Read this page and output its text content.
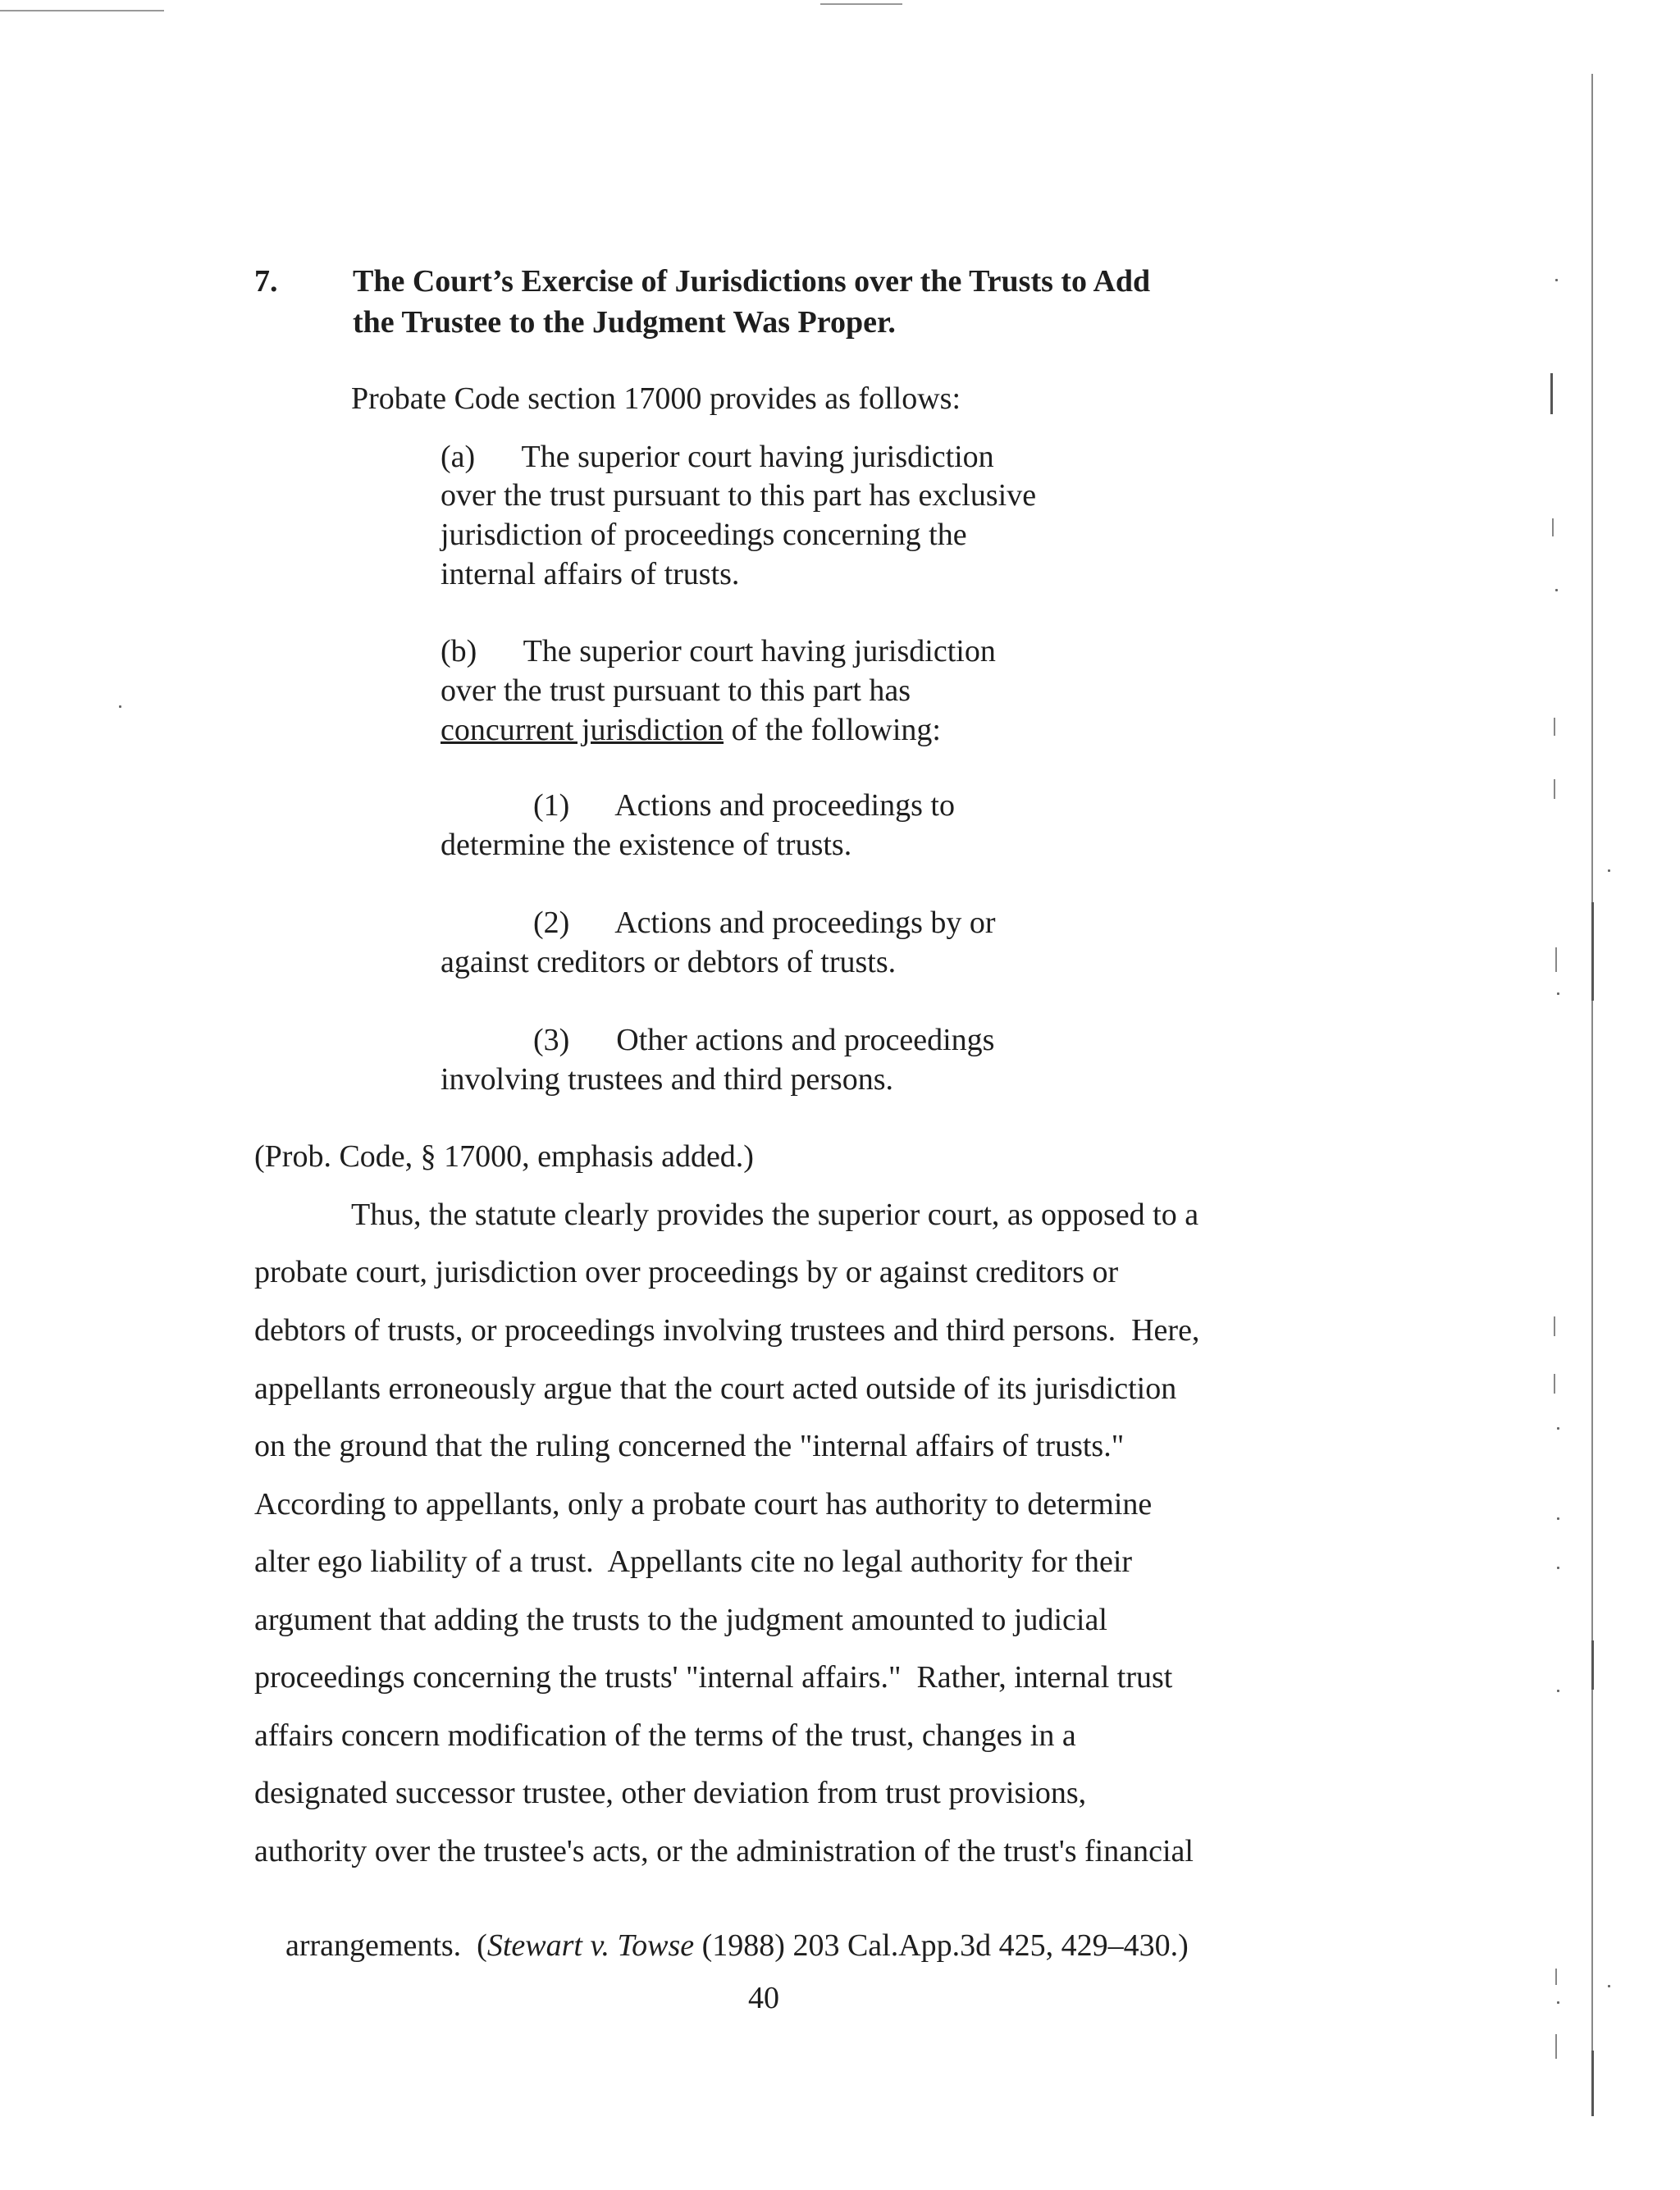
7. The Court’s Exercise of Jurisdictions over the Trusts to Add
the Trustee to the Judgment Was Proper.
Probate Code section 17000 provides as follows:
(a)      The superior court having jurisdiction
over the trust pursuant to this part has exclusive
jurisdiction of proceedings concerning the
internal affairs of trusts.
(b)      The superior court having jurisdiction
over the trust pursuant to this part has
concurrent jurisdiction of the following:
(1)      Actions and proceedings to
determine the existence of trusts.
(2)      Actions and proceedings by or
against creditors or debtors of trusts.
(3)      Other actions and proceedings
involving trustees and third persons.
(Prob. Code, § 17000, emphasis added.)
Thus, the statute clearly provides the superior court, as opposed to a
probate court, jurisdiction over proceedings by or against creditors or
debtors of trusts, or proceedings involving trustees and third persons.  Here,
appellants erroneously argue that the court acted outside of its jurisdiction
on the ground that the ruling concerned the "internal affairs of trusts."
According to appellants, only a probate court has authority to determine
alter ego liability of a trust.  Appellants cite no legal authority for their
argument that adding the trusts to the judgment amounted to judicial
proceedings concerning the trusts' "internal affairs."  Rather, internal trust
affairs concern modification of the terms of the trust, changes in a
designated successor trustee, other deviation from trust provisions,
authority over the trustee's acts, or the administration of the trust's financial

arrangements.  (Stewart v. Towse (1988) 203 Cal.App.3d 425, 429–430.)

40
